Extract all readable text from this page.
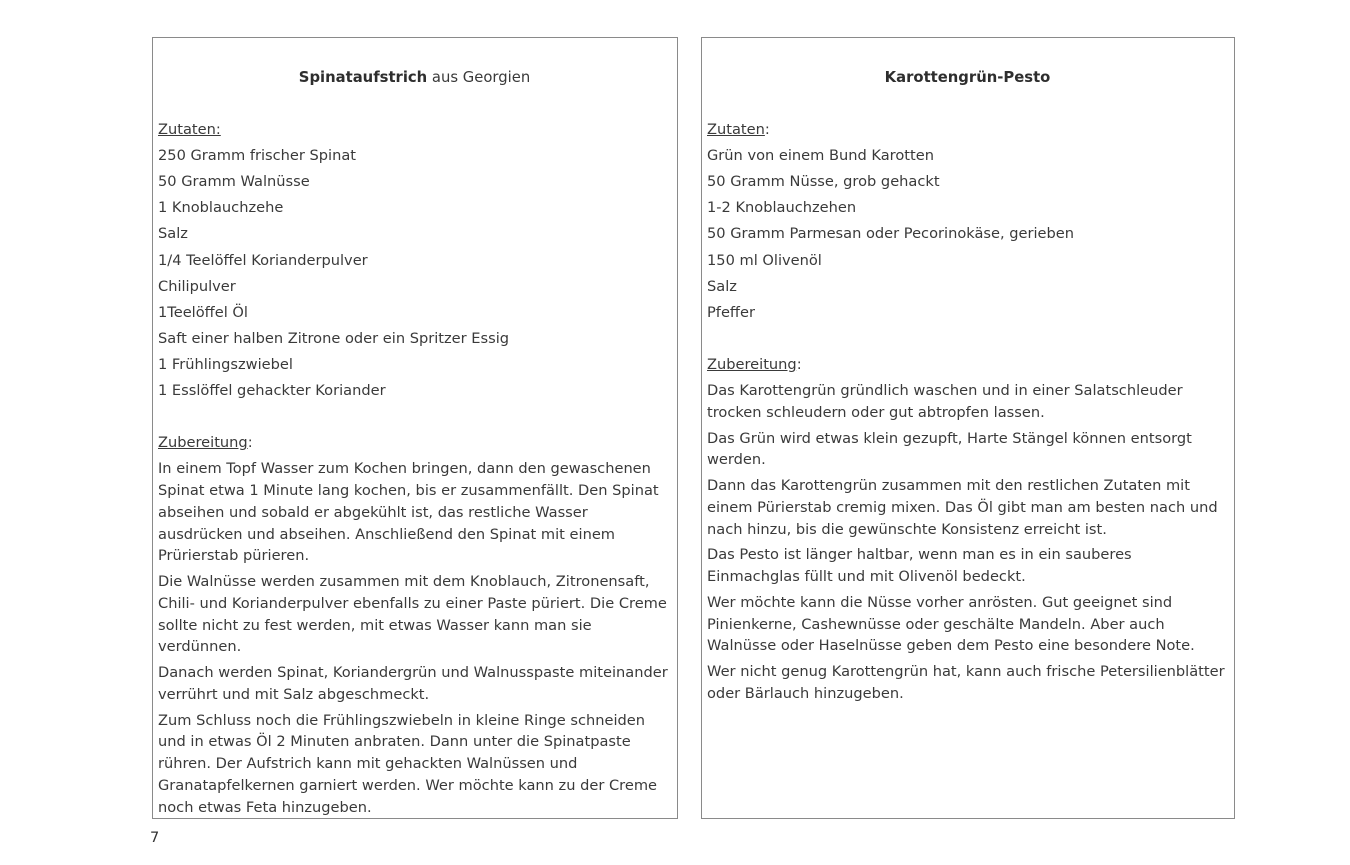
Spinataufstrich aus Georgien

Zutaten:

250 Gramm frischer Spinat
50 Gramm Walnüsse
1 Knoblauchzehe
Salz
1/4 Teelöffel Korianderpulver
Chilipulver
1Teelöffel Öl
Saft einer halben Zitrone oder ein Spritzer Essig
1 Frühlingszwiebel
1 Esslöffel gehackter Koriander

Zubereitung:

In einem Topf Wasser zum Kochen bringen, dann den gewaschenen Spinat etwa 1 Minute lang kochen, bis er zusammenfällt. Den Spinat abseihen und sobald er abgekühlt ist, das restliche Wasser ausdrücken und abseihen. Anschließend den Spinat mit einem Prürierstab pürieren.

Die Walnüsse werden zusammen mit dem Knoblauch, Zitronensaft, Chili- und Korianderpulver ebenfalls zu einer Paste püriert. Die Creme sollte nicht zu fest werden, mit etwas Wasser kann man sie verdünnen.

Danach werden Spinat, Koriandergrün und Walnusspaste miteinander verrührt und mit Salz abgeschmeckt.

Zum Schluss noch die Frühlingszwiebeln in kleine Ringe schneiden und in etwas Öl 2 Minuten anbraten. Dann unter die Spinatpaste rühren. Der Aufstrich kann mit gehackten Walnüssen und Granatapfelkernen garniert werden. Wer möchte kann zu der Creme noch etwas Feta hinzugeben.

Karottengrün-Pesto

Zutaten:

Grün von einem Bund Karotten
50 Gramm Nüsse, grob gehackt
1-2 Knoblauchzehen
50 Gramm Parmesan oder Pecorinokäse, gerieben
150 ml Olivenöl
Salz
Pfeffer

Zubereitung:

Das Karottengrün gründlich waschen und in einer Salatschleuder trocken schleudern oder gut abtropfen lassen.

Das Grün wird etwas klein gezupft, Harte Stängel können entsorgt werden.

Dann das Karottengrün zusammen mit den restlichen Zutaten mit einem Pürierstab cremig mixen. Das Öl gibt man am besten nach und nach hinzu, bis die gewünschte Konsistenz erreicht ist.

Das Pesto ist länger haltbar, wenn man es in ein sauberes Einmachglas füllt und mit Olivenöl bedeckt.

Wer möchte kann die Nüsse vorher anrösten. Gut geeignet sind Pinienkerne, Cashewnüsse oder geschälte Mandeln. Aber auch Walnüsse oder Haselnüsse geben dem Pesto eine besondere Note.

Wer nicht genug Karottengrün hat, kann auch frische Petersilienblätter oder Bärlauch hinzugeben.

7
